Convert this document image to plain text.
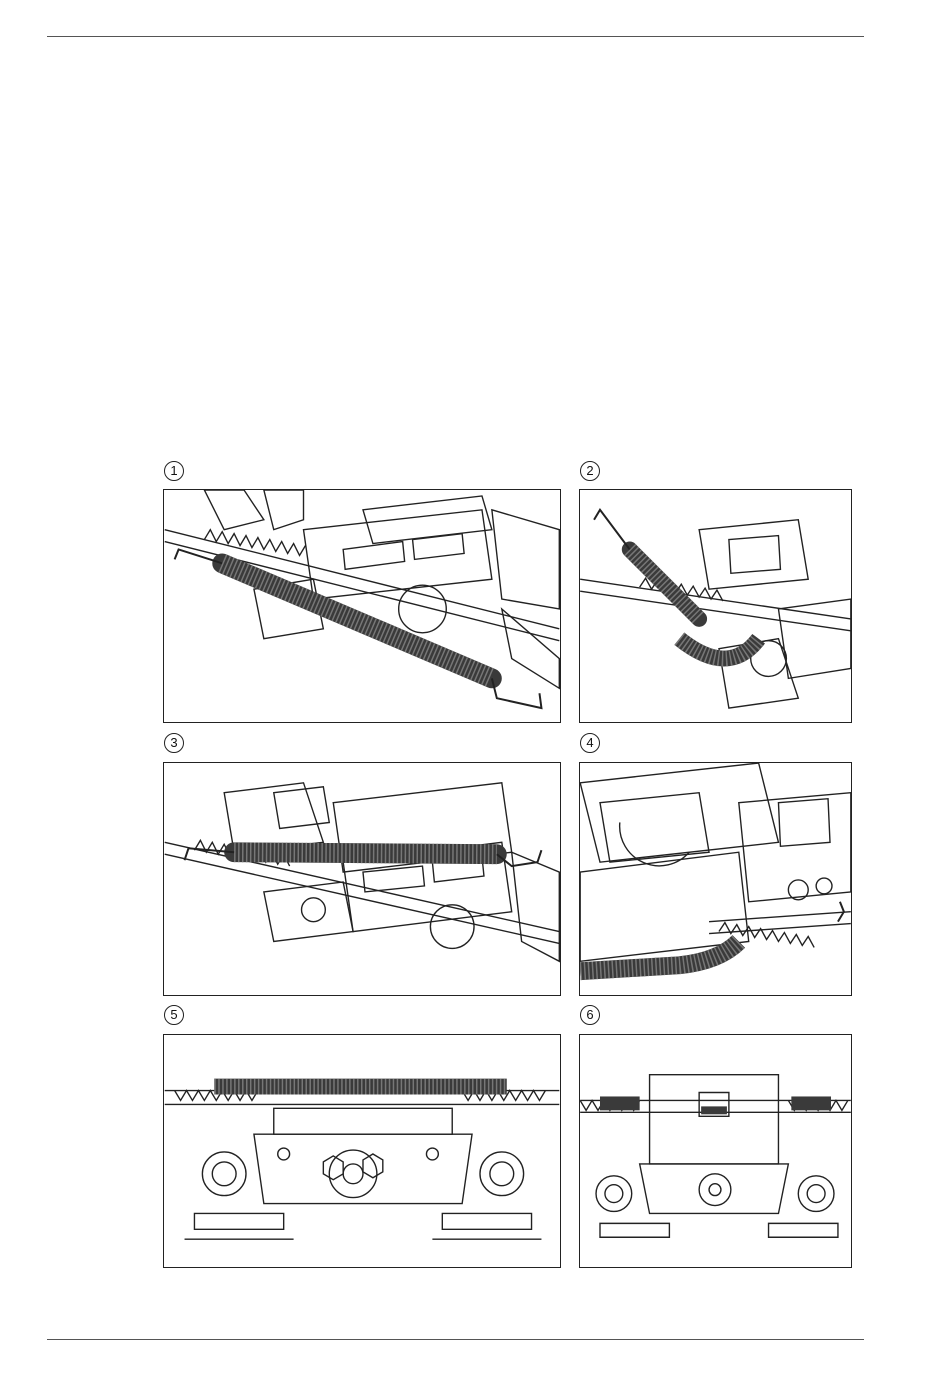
1	2
3	4
5	6
